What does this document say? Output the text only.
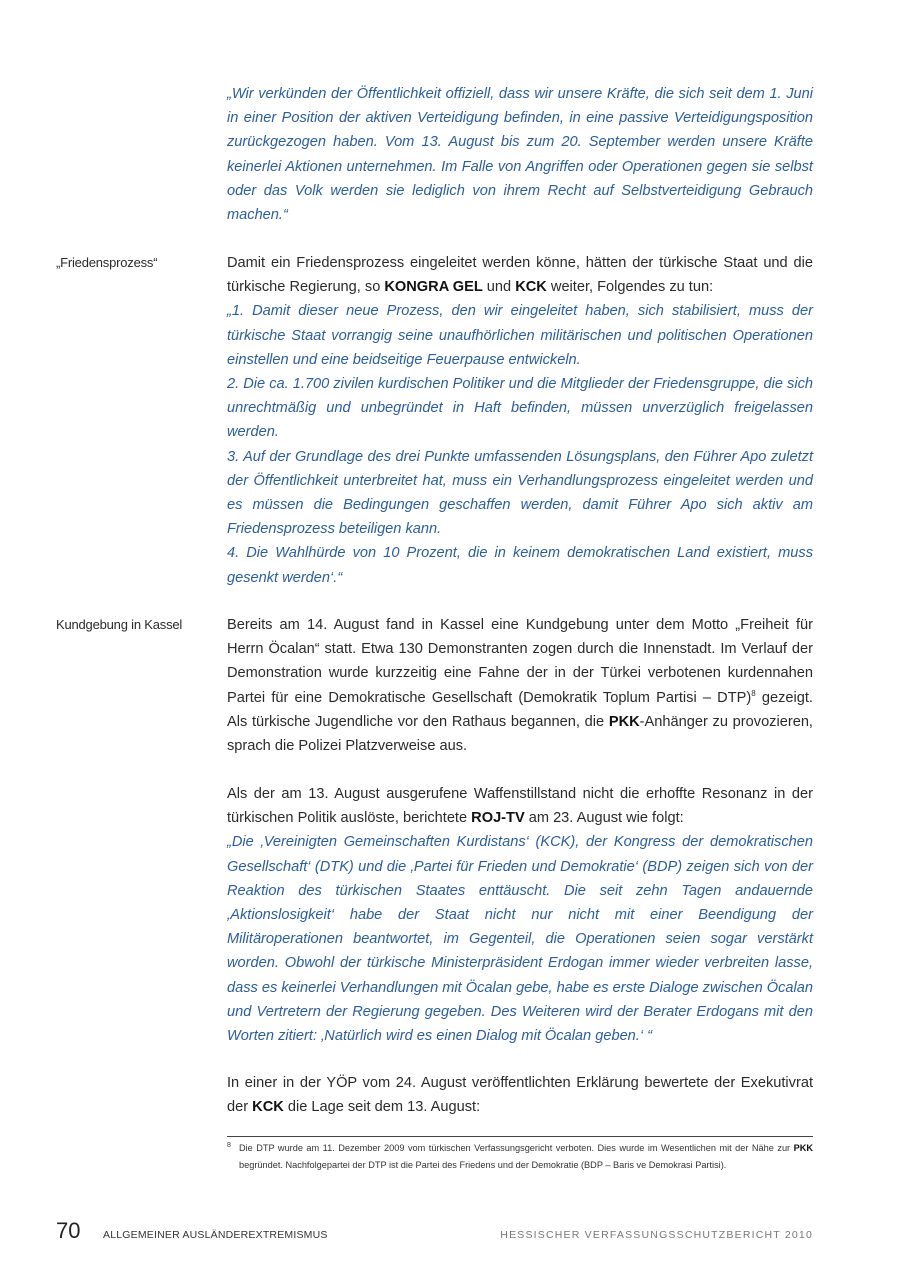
„Wir verkünden der Öffentlichkeit offiziell, dass wir unsere Kräfte, die sich seit dem 1. Juni in einer Position der aktiven Verteidigung befinden, in eine passive Verteidigungsposition zurückgezogen haben. Vom 13. August bis zum 20. September werden unsere Kräfte keinerlei Aktionen unternehmen. Im Falle von Angriffen oder Operationen gegen sie selbst oder das Volk werden sie lediglich von ihrem Recht auf Selbstverteidigung Gebrauch machen.“

„Friedensprozess“	Damit ein Friedensprozess eingeleitet werden könne, hätten der türkische Staat und die türkische Regierung, so KONGRA GEL und KCK weiter, Folgendes zu tun:

„1. Damit dieser neue Prozess, den wir eingeleitet haben, sich stabilisiert, muss der türkische Staat vorrangig seine unaufhörlichen militärischen und politischen Operationen einstellen und eine beidseitige Feuerpause entwickeln.

2. Die ca. 1.700 zivilen kurdischen Politiker und die Mitglieder der Friedensgruppe, die sich unrechtmäßig und unbegründet in Haft befinden, müssen unverzüglich freigelassen werden.

3. Auf der Grundlage des drei Punkte umfassenden Lösungsplans, den Führer Apo zuletzt der Öffentlichkeit unterbreitet hat, muss ein Verhandlungsprozess eingeleitet werden und es müssen die Bedingungen geschaffen werden, damit Führer Apo sich aktiv am Friedensprozess beteiligen kann.

4. Die Wahlhürde von 10 Prozent, die in keinem demokratischen Land existiert, muss gesenkt werden‘.“

Kundgebung in Kassel	Bereits am 14. August fand in Kassel eine Kundgebung unter dem Motto „Freiheit für Herrn Öcalan“ statt. Etwa 130 Demonstranten zogen durch die Innenstadt. Im Verlauf der Demonstration wurde kurzzeitig eine Fahne der in der Türkei verbotenen kurdennahen Partei für eine Demokratische Gesellschaft (Demokratik Toplum Partisi – DTP)$^8$ gezeigt. Als türkische Jugendliche vor den Rathaus begannen, die PKK-Anhänger zu provozieren, sprach die Polizei Platzverweise aus.

Als der am 13. August ausgerufene Waffenstillstand nicht die erhoffte Resonanz in der türkischen Politik auslöste, berichtete ROJ-TV am 23. August wie folgt:

„Die ‚Vereinigten Gemeinschaften Kurdistans‘ (KCK), der Kongress der demokratischen Gesellschaft‘ (DTK) und die ‚Partei für Frieden und Demokratie‘ (BDP) zeigen sich von der Reaktion des türkischen Staates enttäuscht. Die seit zehn Tagen andauernde ‚Aktionslosigkeit‘ habe der Staat nicht nur nicht mit einer Beendigung der Militäroperationen beantwortet, im Gegenteil, die Operationen seien sogar verstärkt worden. Obwohl der türkische Ministerpräsident Erdogan immer wieder verbreiten lasse, dass es keinerlei Verhandlungen mit Öcalan gebe, habe es erste Dialoge zwischen Öcalan und Vertretern der Regierung gegeben. Des Weiteren wird der Berater Erdogans mit den Worten zitiert: ‚Natürlich wird es einen Dialog mit Öcalan geben.‘ “

In einer in der YÖP vom 24. August veröffentlichten Erklärung bewertete der Exekutivrat der KCK die Lage seit dem 13. August:

8 Die DTP wurde am 11. Dezember 2009 vom türkischen Verfassungsgericht verboten. Dies wurde im Wesentlichen mit der Nähe zur PKK begründet. Nachfolgepartei der DTP ist die Partei des Friedens und der Demokratie (BDP – Baris ve Demokrasi Partisi).
70 ALLGEMEINER AUSLÄNDEREXTREMISMUS	HESSISCHER VERFASSUNGSSCHUTZBERICHT 2010
